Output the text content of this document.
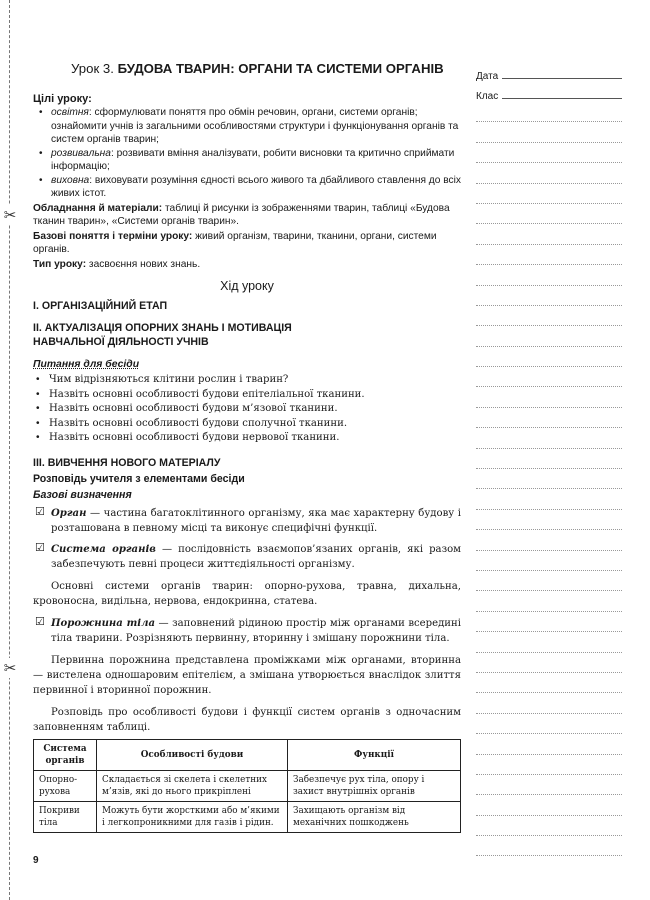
✂
✂
Урок 3. БУДОВА ТВАРИН: ОРГАНИ ТА СИСТЕМИ ОРГАНІВ
Цілі уроку:
• освітня: сформулювати поняття про обмін речовин, органи, системи органів; ознайомити учнів із загальними особливостями структури і функціонування органів та систем органів тварин;
• розвивальна: розвивати вміння аналізувати, робити висновки та критично сприймати інформацію;
• виховна: виховувати розуміння єдності всього живого та дбайливого ставлення до всіх живих істот.

Обладнання й матеріали: таблиці й рисунки із зображеннями тварин, таблиці «Будова тканин тварин», «Системи органів тварин».

Базові поняття і терміни уроку: живий організм, тварини, тканини, органи, системи органів.

Тип уроку: засвоєння нових знань.

Хід уроку
I. ОРГАНІЗАЦІЙНИЙ ЕТАП
II. АКТУАЛІЗАЦІЯ ОПОРНИХ ЗНАНЬ І МОТИВАЦІЯ НАВЧАЛЬНОЇ ДІЯЛЬНОСТІ УЧНІВ
Питання для бесіди
• Чим відрізняються клітини рослин і тварин?
• Назвіть основні особливості будови епітеліальної тканини.
• Назвіть основні особливості будови м’язової тканини.
• Назвіть основні особливості будови сполучної тканини.
• Назвіть основні особливості будови нервової тканини.
III. ВИВЧЕННЯ НОВОГО МАТЕРІАЛУ
Розповідь учителя з елементами бесіди
Базові визначення

☑ Орган — частина багатоклітинного організму, яка має характерну будову і розташована в певному місці та виконує специфічні функції.

☑ Система органів — послідовність взаємопов’язаних органів, які разом забезпечують певні процеси життєдіяльності організму.

Основні системи органів тварин: опорно-рухова, травна, дихальна, кровоносна, видільна, нервова, ендокринна, статева.

☑ Порожнина тіла — заповнений рідиною простір між органами всередині тіла тварини. Розрізняють первинну, вторинну і змішану порожнини тіла.

Первинна порожнина представлена проміжками між органами, вторинна — вистелена одношаровим епітелієм, а змішана утворюється внаслідок злиття первинної і вторинної порожнин.

Розповідь про особливості будови і функції систем органів з одночасним заповненням таблиці.

Система органів	Особливості будови	Функції
Опорно-рухова	Складається зі скелета і скелетних м’язів, які до нього прикріплені	Забезпечує рух тіла, опору і захист внутрішніх органів
Покриви тіла	Можуть бути жорсткими або м’якими і легкопроникними для газів і рідин.	Захищають організм від механічних пошкоджень
9
Дата
Клас
